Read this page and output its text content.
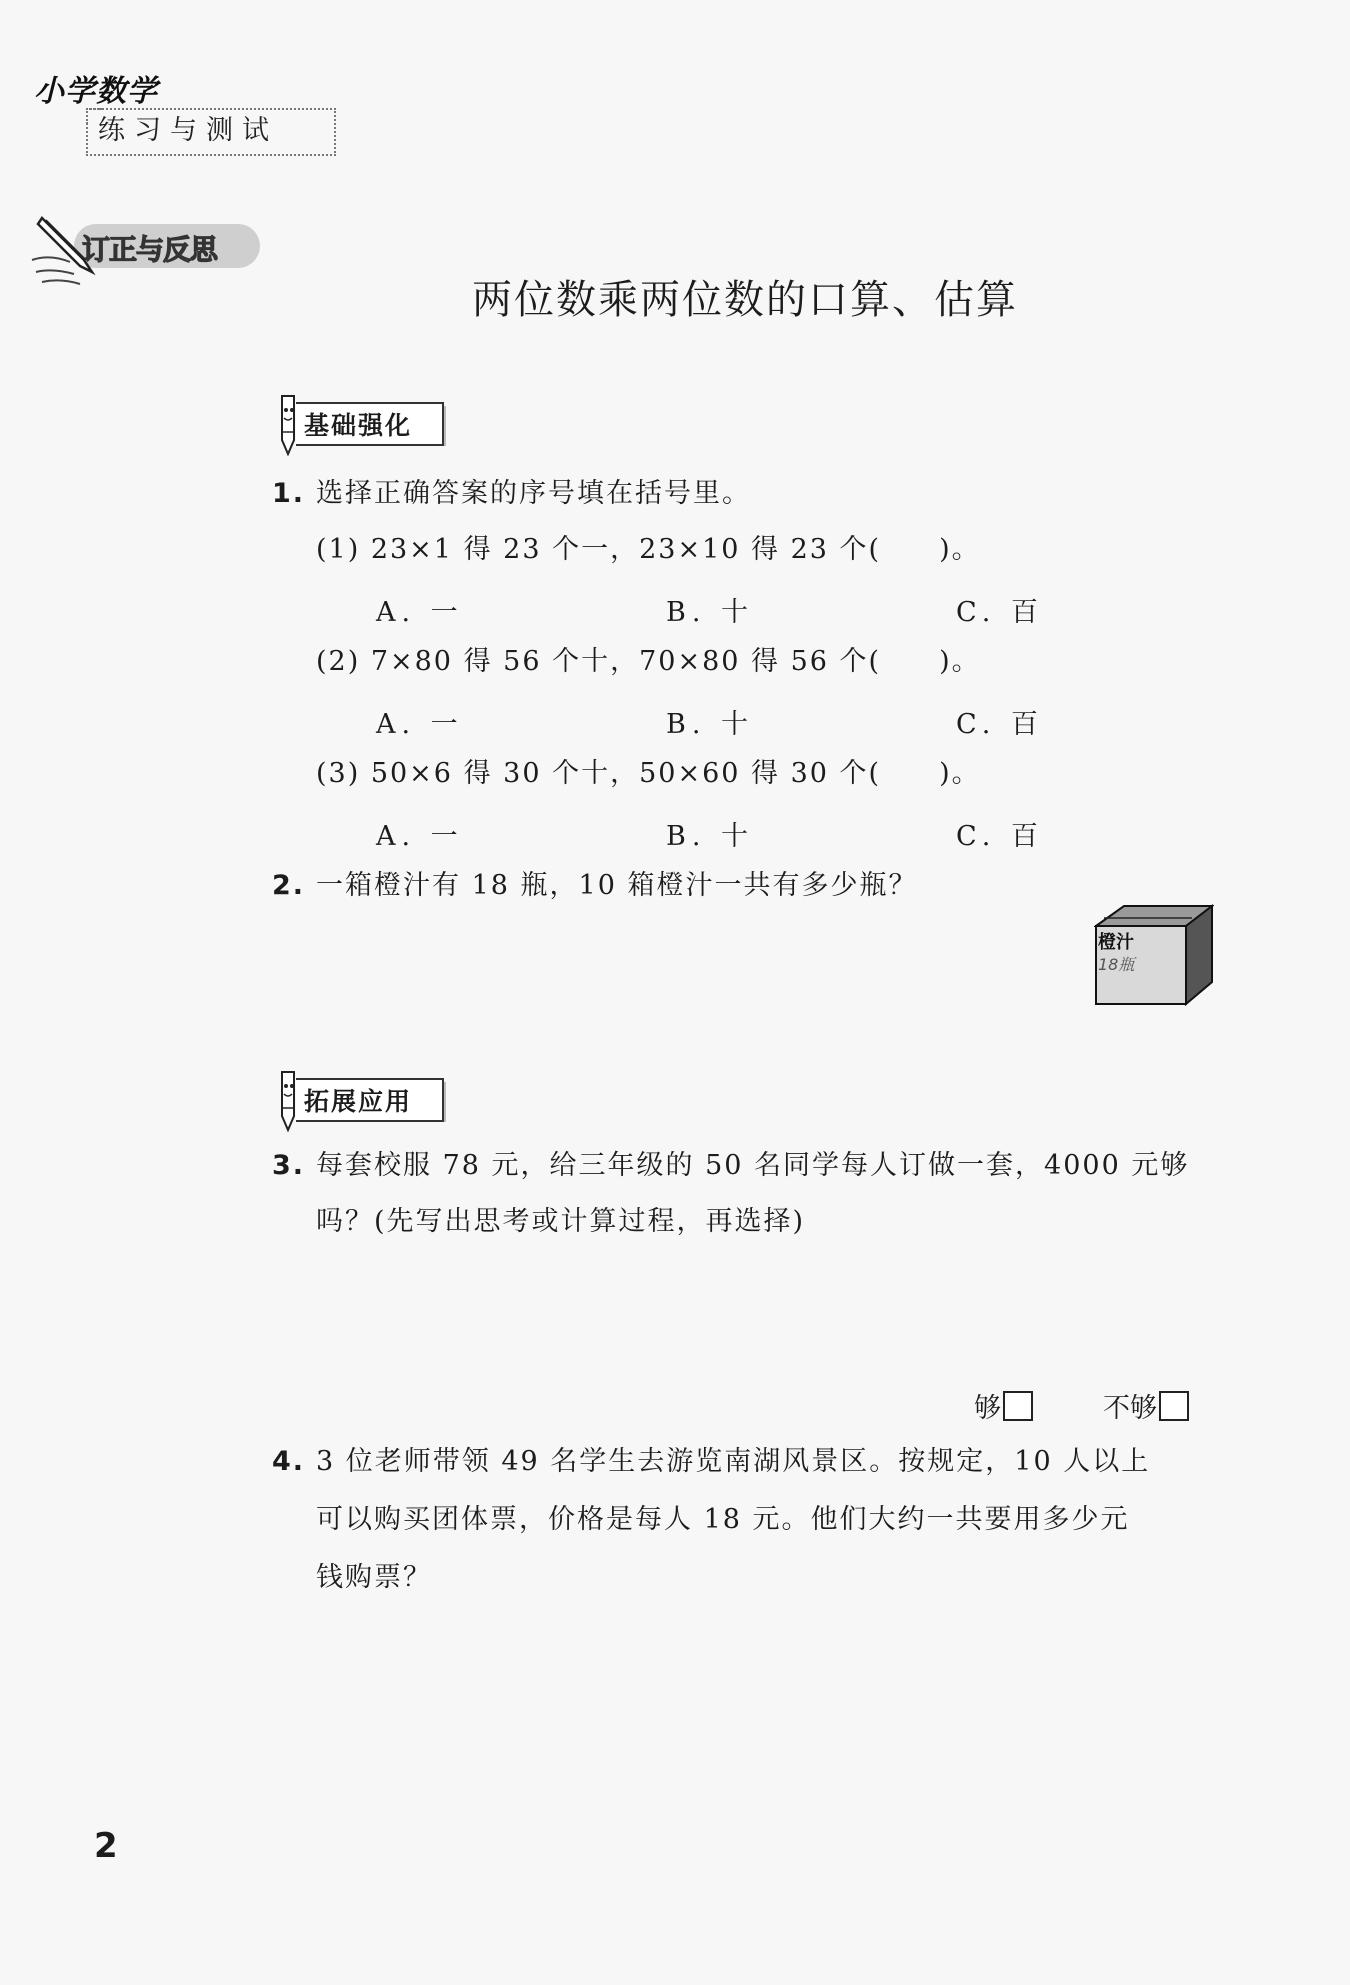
小学数学
练习与测试
订正与反思
两位数乘两位数的口算、估算
基础强化
1. 选择正确答案的序号填在括号里。
(1) 23×1 得 23 个一，23×10 得 23 个(　　)。
A. 一	B. 十	C. 百
(2) 7×80 得 56 个十，70×80 得 56 个(　　)。
A. 一	B. 十	C. 百
(3) 50×6 得 30 个十，50×60 得 30 个(　　)。
A. 一	B. 十	C. 百
2. 一箱橙汁有 18 瓶，10 箱橙汁一共有多少瓶？
橙汁
18瓶
拓展应用
3. 每套校服 78 元，给三年级的 50 名同学每人订做一套，4000 元够
吗？(先写出思考或计算过程，再选择)
够	不够
4. 3 位老师带领 49 名学生去游览南湖风景区。按规定，10 人以上
可以购买团体票，价格是每人 18 元。他们大约一共要用多少元
钱购票？
2
